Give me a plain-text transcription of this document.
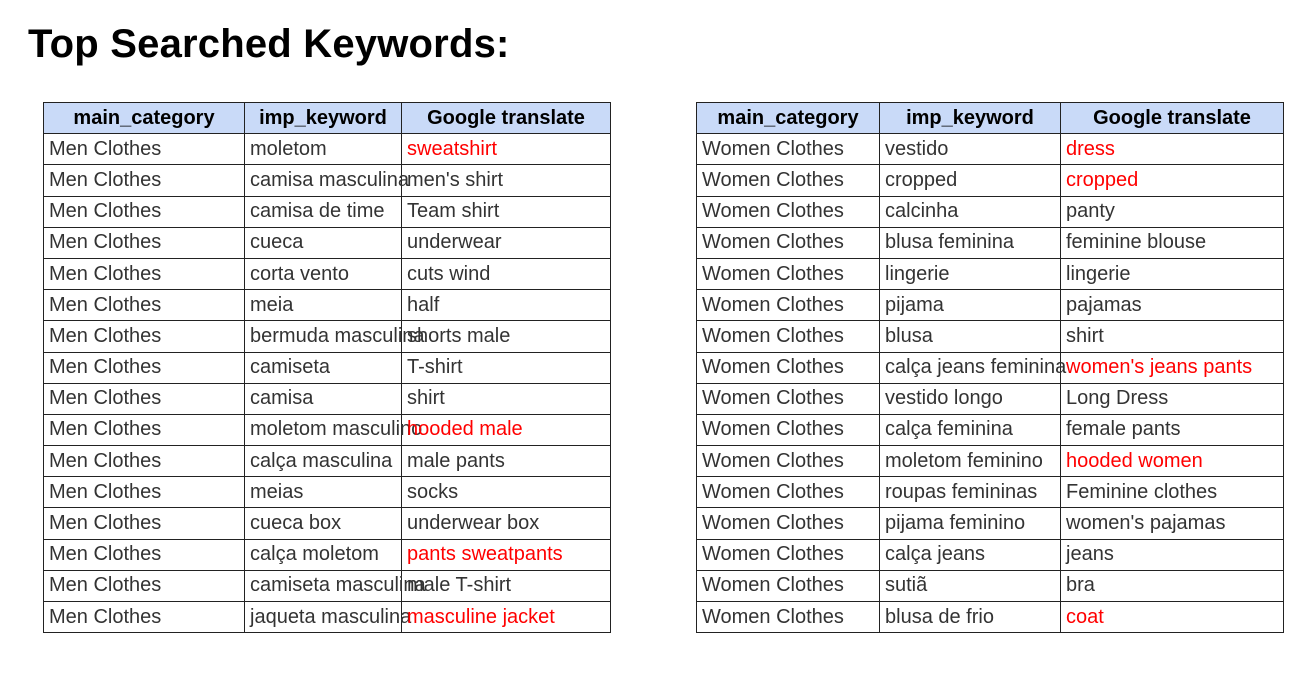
Top Searched Keywords:
main_category	imp_keyword	Google translate
Men Clothes	moletom	sweatshirt
Men Clothes	camisa masculina	men's shirt
Men Clothes	camisa de time	Team shirt
Men Clothes	cueca	underwear
Men Clothes	corta vento	cuts wind
Men Clothes	meia	half
Men Clothes	bermuda masculina	shorts male
Men Clothes	camiseta	T-shirt
Men Clothes	camisa	shirt
Men Clothes	moletom masculino	hooded male
Men Clothes	calça masculina	male pants
Men Clothes	meias	socks
Men Clothes	cueca box	underwear box
Men Clothes	calça moletom	pants sweatpants
Men Clothes	camiseta masculina	male T-shirt
Men Clothes	jaqueta masculina	masculine jacket
main_category	imp_keyword	Google translate
Women Clothes	vestido	dress
Women Clothes	cropped	cropped
Women Clothes	calcinha	panty
Women Clothes	blusa feminina	feminine blouse
Women Clothes	lingerie	lingerie
Women Clothes	pijama	pajamas
Women Clothes	blusa	shirt
Women Clothes	calça jeans feminina	women's jeans pants
Women Clothes	vestido longo	Long Dress
Women Clothes	calça feminina	female pants
Women Clothes	moletom feminino	hooded women
Women Clothes	roupas femininas	Feminine clothes
Women Clothes	pijama feminino	women's pajamas
Women Clothes	calça jeans	jeans
Women Clothes	sutiã	bra
Women Clothes	blusa de frio	coat
